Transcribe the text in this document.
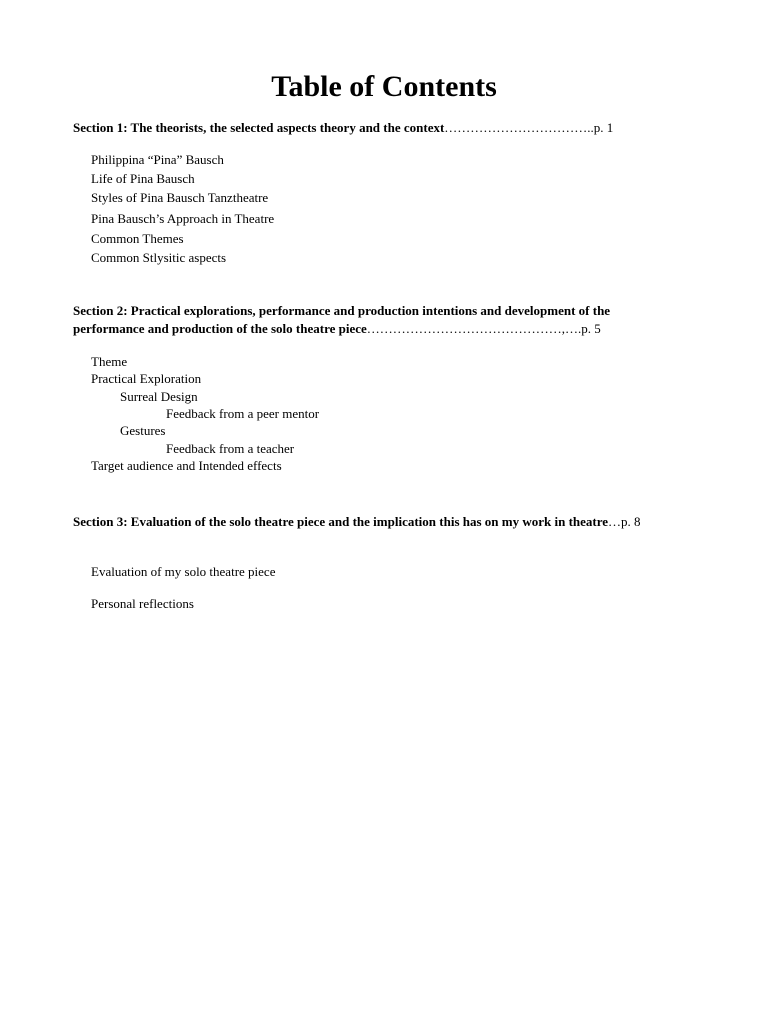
Table of Contents
Section 1: The theorists, the selected aspects theory and the context……………………………..p. 1
Philippina “Pina” Bausch
Life of Pina Bausch
Styles of Pina Bausch Tanztheatre
Pina Bausch’s Approach in Theatre
Common Themes
Common Stlysitic aspects
Section 2: Practical explorations, performance and production intentions and development of the
performance and production of the solo theatre piece………………………………………,….p. 5
Theme
Practical Exploration
Surreal Design
Feedback from a peer mentor
Gestures
Feedback from a teacher
Target audience and Intended effects
Section 3: Evaluation of the solo theatre piece and the implication this has on my work in theatre…p. 8
Evaluation of my solo theatre piece
Personal reflections
